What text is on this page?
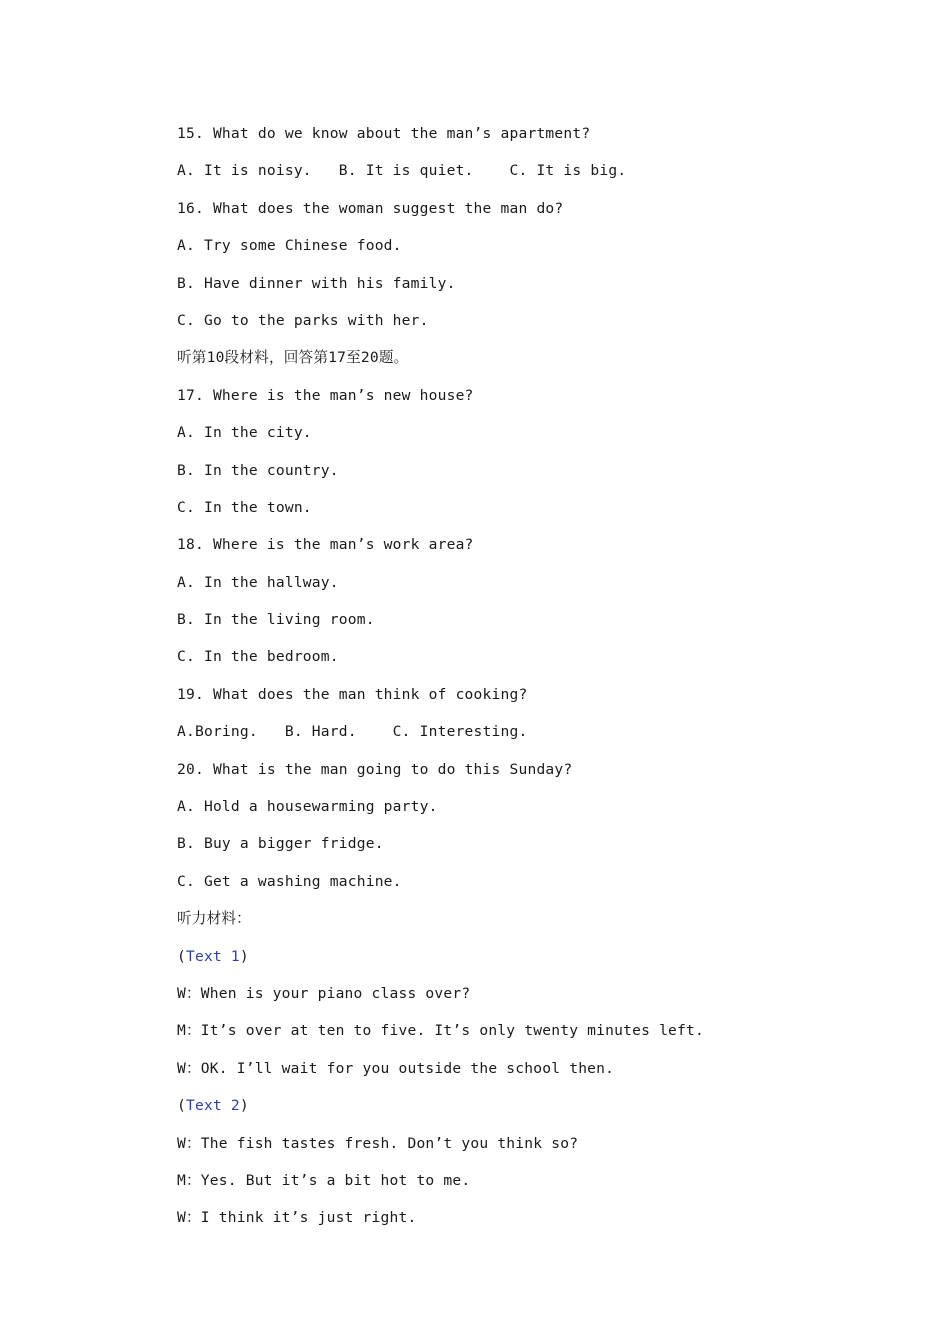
15. What do we know about the man’s apartment?
A. It is noisy.   B. It is quiet.    C. It is big.
16. What does the woman suggest the man do?
A. Try some Chinese food.
B. Have dinner with his family.
C. Go to the parks with her.
听第10段材料，回答第17至20题。
17. Where is the man’s new house?
A. In the city.
B. In the country.
C. In the town.
18. Where is the man’s work area?
A. In the hallway.
B. In the living room.
C. In the bedroom.
19. What does the man think of cooking?
A.Boring.   B. Hard.    C. Interesting.
20. What is the man going to do this Sunday?
A. Hold a housewarming party.
B. Buy a bigger fridge.
C. Get a washing machine.
听力材料：
(Text 1)
W：When is your piano class over?
M：It’s over at ten to five. It’s only twenty minutes left.
W：OK. I’ll wait for you outside the school then.
(Text 2)
W：The fish tastes fresh. Don’t you think so?
M：Yes. But it’s a bit hot to me.
W：I think it’s just right.
